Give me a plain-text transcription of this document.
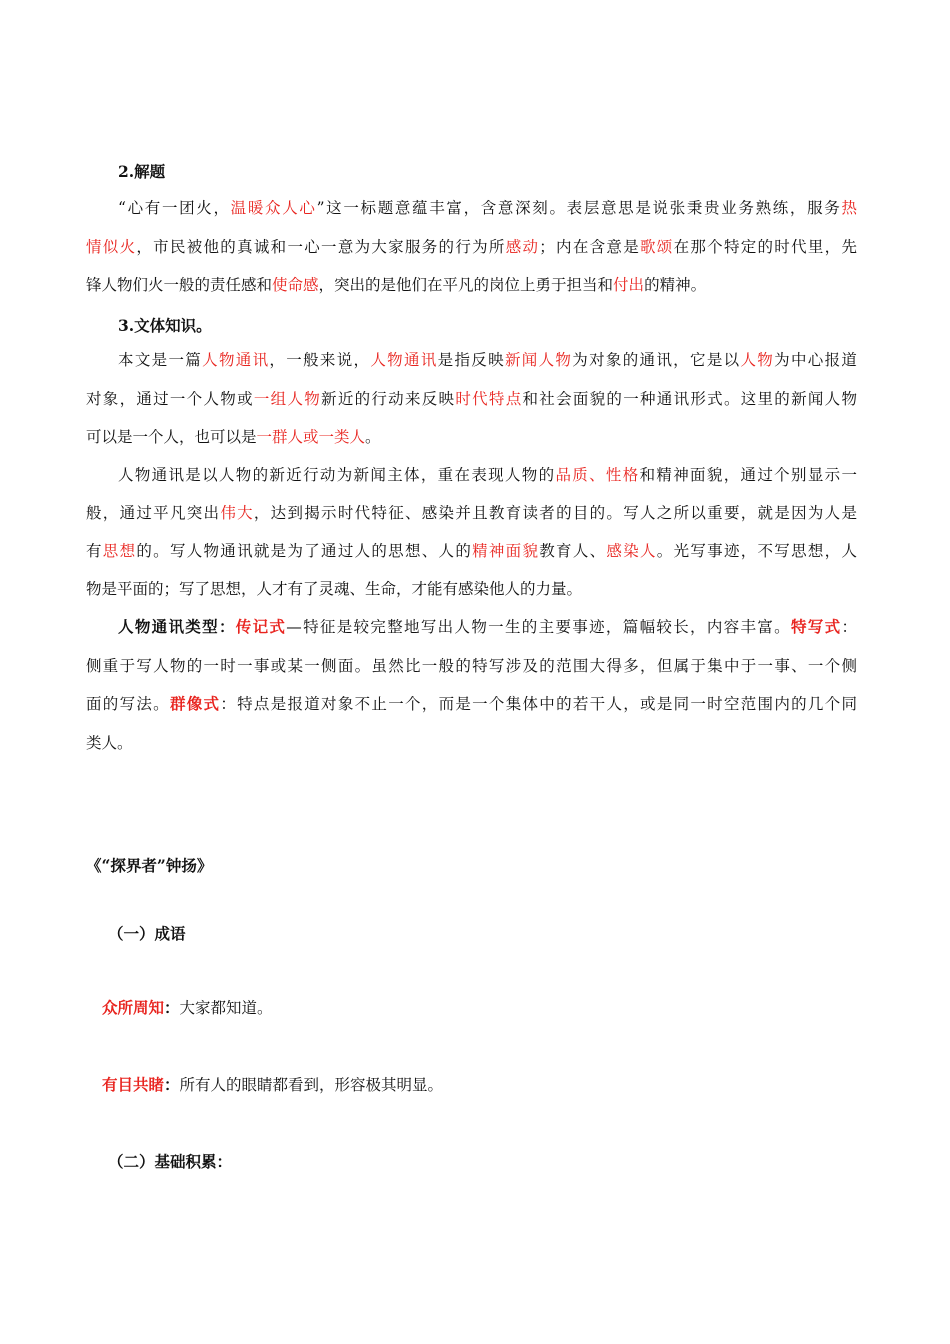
2.解题
“心有一团火，温暖众人心”这一标题意蕴丰富，含意深刻。表层意思是说张秉贵业务熟练，服务热
情似火，市民被他的真诚和一心一意为大家服务的行为所感动；内在含意是歌颂在那个特定的时代里，先
锋人物们火一般的责任感和使命感，突出的是他们在平凡的岗位上勇于担当和付出的精神。
3.文体知识。
本文是一篇人物通讯，一般来说，人物通讯是指反映新闻人物为对象的通讯，它是以人物为中心报道
对象，通过一个人物或一组人物新近的行动来反映时代特点和社会面貌的一种通讯形式。这里的新闻人物
可以是一个人，也可以是一群人或一类人。
人物通讯是以人物的新近行动为新闻主体，重在表现人物的品质、性格和精神面貌，通过个别显示一
般，通过平凡突出伟大，达到揭示时代特征、感染并且教育读者的目的。写人之所以重要，就是因为人是
有思想的。写人物通讯就是为了通过人的思想、人的精神面貌教育人、感染人。光写事迹，不写思想，人
物是平面的；写了思想，人才有了灵魂、生命，才能有感染他人的力量。
人物通讯类型：传记式—特征是较完整地写出人物一生的主要事迹，篇幅较长，内容丰富。特写式：
侧重于写人物的一时一事或某一侧面。虽然比一般的特写涉及的范围大得多，但属于集中于一事、一个侧
面的写法。群像式：特点是报道对象不止一个，而是一个集体中的若干人，或是同一时空范围内的几个同
类人。
《“探界者”钟扬》
（一）成语
众所周知：大家都知道。
有目共睹：所有人的眼睛都看到，形容极其明显。
（二）基础积累：
